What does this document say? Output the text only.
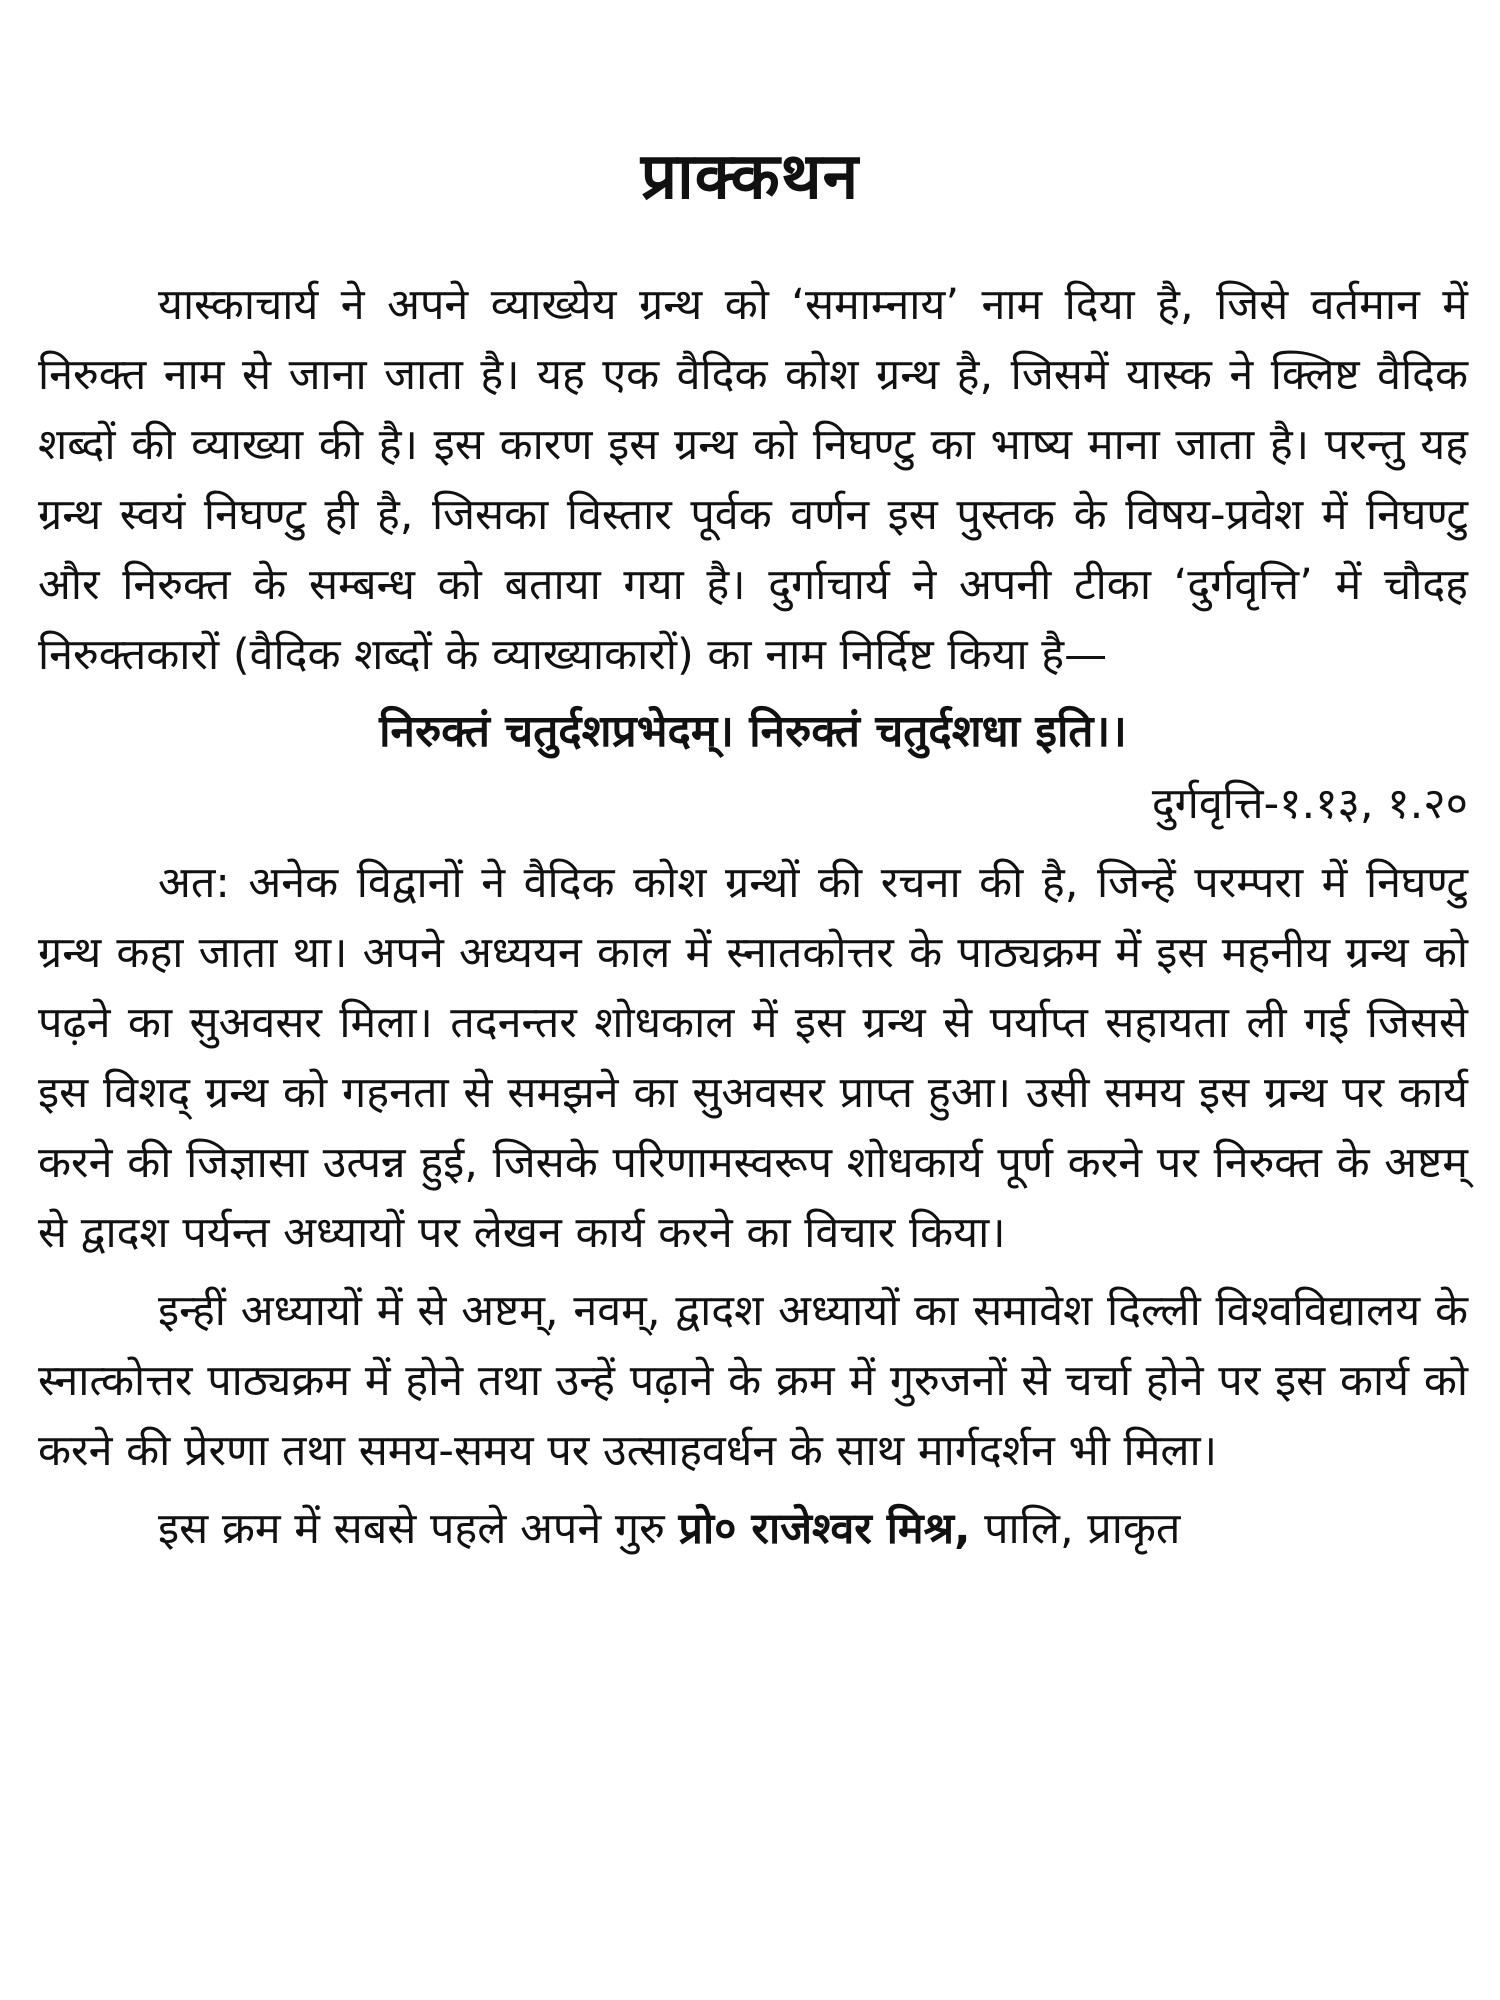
प्राक्कथन

यास्काचार्य ने अपने व्याख्येय ग्रन्थ को ‘समाम्नाय’ नाम दिया है, जिसे वर्तमान में निरुक्त नाम से जाना जाता है। यह एक वैदिक कोश ग्रन्थ है, जिसमें यास्क ने क्लिष्ट वैदिक शब्दों की व्याख्या की है। इस कारण इस ग्रन्थ को निघण्टु का भाष्य माना जाता है। परन्तु यह ग्रन्थ स्वयं निघण्टु ही है, जिसका विस्तार पूर्वक वर्णन इस पुस्तक के विषय-प्रवेश में निघण्टु और निरुक्त के सम्बन्ध को बताया गया है। दुर्गाचार्य ने अपनी टीका ‘दुर्गवृत्ति’ में चौदह निरुक्तकारों (वैदिक शब्दों के व्याख्याकारों) का नाम निर्दिष्ट किया है—

निरुक्तं चतुर्दशप्रभेदम्। निरुक्तं चतुर्दशधा इति।।

दुर्गवृत्ति-१.१३, १.२०

अत: अनेक विद्वानों ने वैदिक कोश ग्रन्थों की रचना की है, जिन्हें परम्परा में निघण्टु ग्रन्थ कहा जाता था। अपने अध्ययन काल में स्नातकोत्तर के पाठ्यक्रम में इस महनीय ग्रन्थ को पढ़ने का सुअवसर मिला। तदनन्तर शोधकाल में इस ग्रन्थ से पर्याप्त सहायता ली गई जिससे इस विशद् ग्रन्थ को गहनता से समझने का सुअवसर प्राप्त हुआ। उसी समय इस ग्रन्थ पर कार्य करने की जिज्ञासा उत्पन्न हुई, जिसके परिणामस्वरूप शोधकार्य पूर्ण करने पर निरुक्त के अष्टम् से द्वादश पर्यन्त अध्यायों पर लेखन कार्य करने का विचार किया।

इन्हीं अध्यायों में से अष्टम्, नवम्, द्वादश अध्यायों का समावेश दिल्ली विश्वविद्यालय के स्नात्कोत्तर पाठ्यक्रम में होने तथा उन्हें पढ़ाने के क्रम में गुरुजनों से चर्चा होने पर इस कार्य को करने की प्रेरणा तथा समय-समय पर उत्साहवर्धन के साथ मार्गदर्शन भी मिला।

इस क्रम में सबसे पहले अपने गुरु प्रो० राजेश्वर मिश्र, पालि, प्राकृत
